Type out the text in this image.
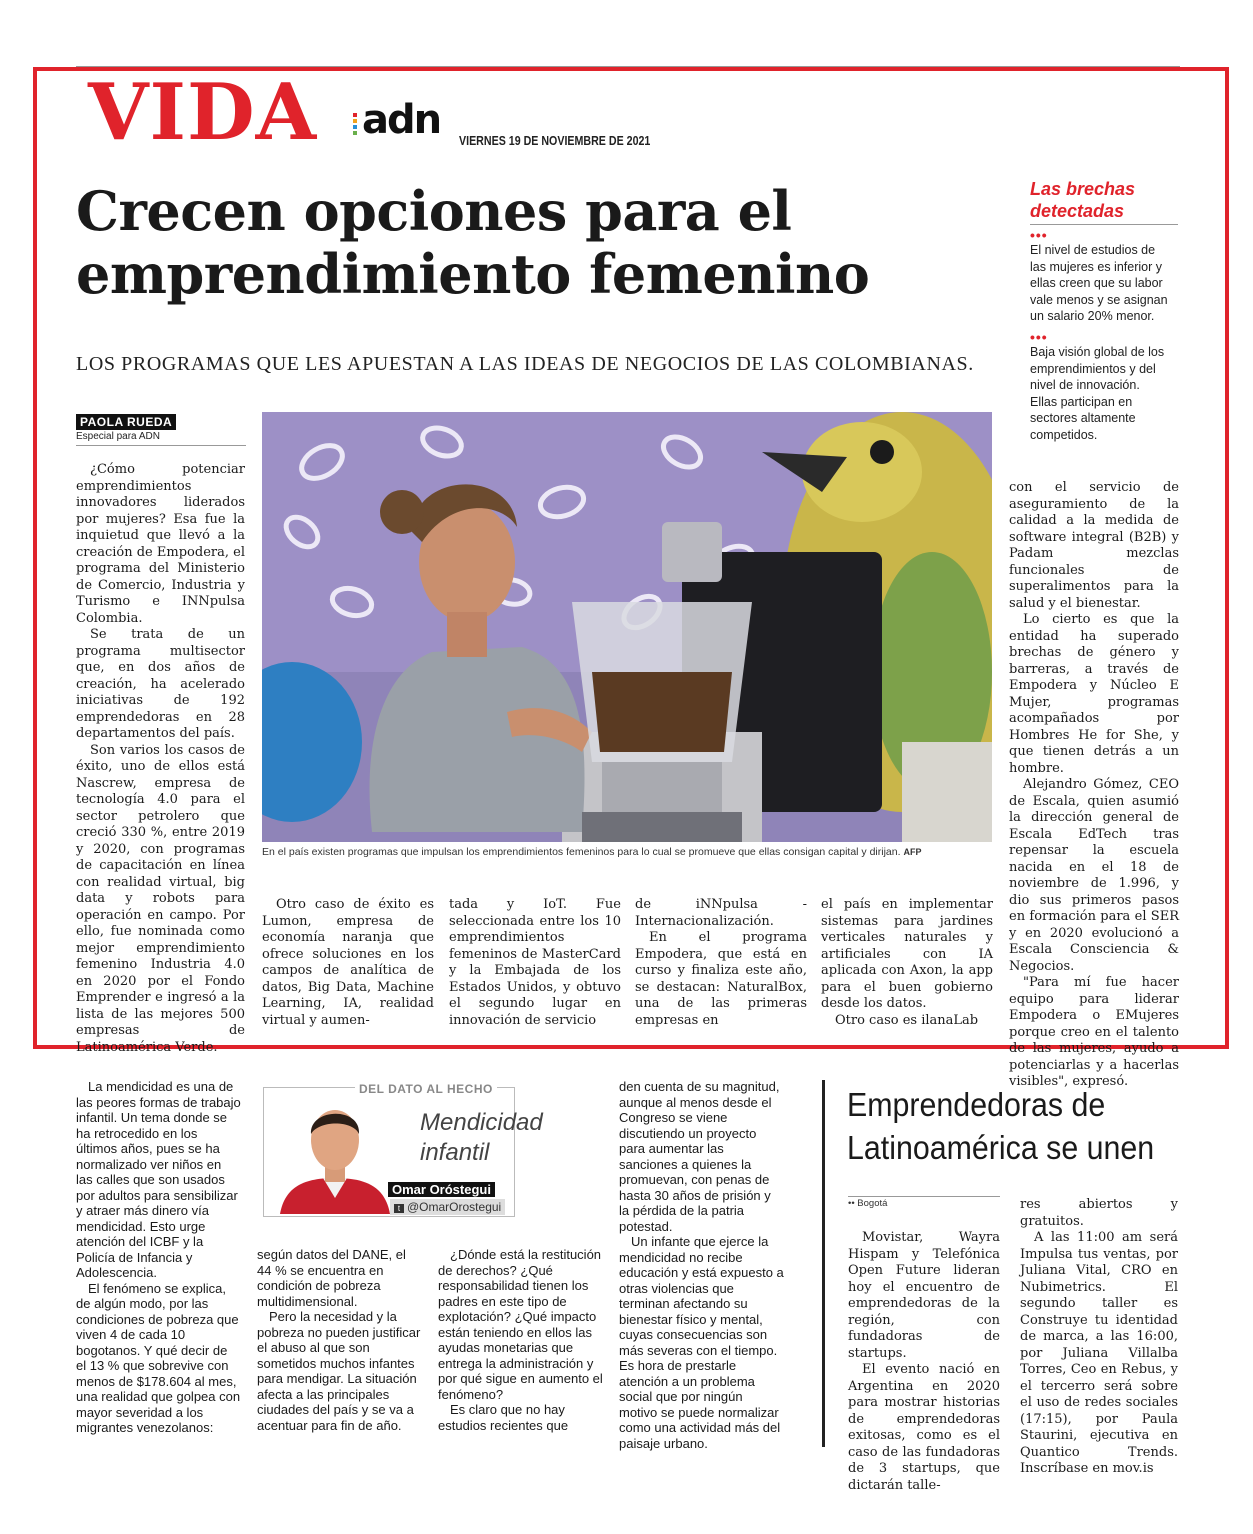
VIDA adn VIERNES 19 DE NOVIEMBRE DE 2021
Crecen opciones para el emprendimiento femenino
LOS PROGRAMAS QUE LES APUESTAN A LAS IDEAS DE NEGOCIOS DE LAS COLOMBIANAS.
Las brechas detectadas
•••
El nivel de estudios de las mujeres es inferior y ellas creen que su labor vale menos y se asignan un salario 20% menor.
•••
Baja visión global de los emprendimientos y del nivel de innovación. Ellas participan en sectores altamente competidos.
PAOLA RUEDA
Especial para ADN
En el país existen programas que impulsan los emprendimientos femeninos para lo cual se promueve que ellas consigan capital y dirijan. AFP

¿Cómo potenciar emprendimientos innovadores liderados por mujeres? Esa fue la inquietud que llevó a la creación de Empodera, el programa del Ministerio de Comercio, Industria y Turismo e INNpulsa Colombia.

Se trata de un programa multisector que, en dos años de creación, ha acelerado iniciativas de 192 emprendedoras en 28 departamentos del país.

Son varios los casos de éxito, uno de ellos está Nascrew, empresa de tecnología 4.0 para el sector petrolero que creció 330 %, entre 2019 y 2020, con programas de capacitación en línea con realidad virtual, big data y robots para operación en campo. Por ello, fue nominada como mejor emprendimiento femenino Industria 4.0 en 2020 por el Fondo Emprender e ingresó a la lista de las mejores 500 empresas de Latinoamérica Verde.

Otro caso de éxito es Lumon, empresa de economía naranja que ofrece soluciones en los campos de analítica de datos, Big Data, Machine Learning, IA, realidad virtual y aumen-

tada y IoT. Fue seleccionada entre los 10 emprendimientos femeninos de MasterCard y la Embajada de los Estados Unidos, y obtuvo el segundo lugar en innovación de servicio

de iNNpulsa - Internacionalización.

En el programa Empodera, que está en curso y finaliza este año, se destacan: NaturalBox, una de las primeras empresas en

el país en implementar sistemas para jardines verticales naturales y artificiales con IA aplicada con Axon, la app para el buen gobierno desde los datos.

Otro caso es ilanaLab

con el servicio de aseguramiento de la calidad a la medida de software integral (B2B) y Padam mezclas funcionales de superalimentos para la salud y el bienestar.

Lo cierto es que la entidad ha superado brechas de género y barreras, a través de Empodera y Núcleo E Mujer, programas acompañados por Hombres He for She, y que tienen detrás a un hombre.

Alejandro Gómez, CEO de Escala, quien asumió la dirección general de Escala EdTech tras repensar la escuela nacida en el 18 de noviembre de 1.996, y dio sus primeros pasos en formación para el SER y en 2020 evolucionó a Escala Consciencia & Negocios.

"Para mí fue hacer equipo para liderar Empodera o EMujeres porque creo en el talento de las mujeres, ayudo a potenciarlas y a hacerlas visibles", expresó.

DEL DATO AL HECHO
Mendicidad infantil
Omar Oróstegui
t @OmarOrostegui

La mendicidad es una de las peores formas de trabajo infantil. Un tema donde se ha retrocedido en los últimos años, pues se ha normalizado ver niños en las calles que son usados por adultos para sensibilizar y atraer más dinero vía mendicidad. Esto urge atención del ICBF y la Policía de Infancia y Adolescencia.

El fenómeno se explica, de algún modo, por las condiciones de pobreza que viven 4 de cada 10 bogotanos. Y qué decir de el 13 % que sobrevive con menos de $178.604 al mes, una realidad que golpea con mayor severidad a los migrantes venezolanos:

según datos del DANE, el 44 % se encuentra en condición de pobreza multidimensional.

Pero la necesidad y la pobreza no pueden justificar el abuso al que son sometidos muchos infantes para mendigar. La situación afecta a las principales ciudades del país y se va a acentuar para fin de año.

¿Dónde está la restitución de derechos? ¿Qué responsabilidad tienen los padres en este tipo de explotación? ¿Qué impacto están teniendo en ellos las ayudas monetarias que entrega la administración y por qué sigue en aumento el fenómeno?

Es claro que no hay estudios recientes que

den cuenta de su magnitud, aunque al menos desde el Congreso se viene discutiendo un proyecto para aumentar las sanciones a quienes la promuevan, con penas de hasta 30 años de prisión y la pérdida de la patria potestad.

Un infante que ejerce la mendicidad no recibe educación y está expuesto a otras violencias que terminan afectando su bienestar físico y mental, cuyas consecuencias son más severas con el tiempo. Es hora de prestarle atención a un problema social que por ningún motivo se puede normalizar como una actividad más del paisaje urbano.

Emprendedoras de Latinoamérica se unen
•• Bogotá

Movistar, Wayra Hispam y Telefónica Open Future lideran hoy el encuentro de emprendedoras de la región, con fundadoras de startups.

El evento nació en Argentina en 2020 para mostrar historias de emprendedoras exitosas, como es el caso de las fundadoras de 3 startups, que dictarán talle-

res abiertos y gratuitos.

A las 11:00 am será Impulsa tus ventas, por Juliana Vital, CRO en Nubimetrics. El segundo taller es Construye tu identidad de marca, a las 16:00, por Juliana Villalba Torres, Ceo en Rebus, y el tercerro será sobre el uso de redes sociales (17:15), por Paula Staurini, ejecutiva en Quantico Trends. Inscríbase en mov.is
